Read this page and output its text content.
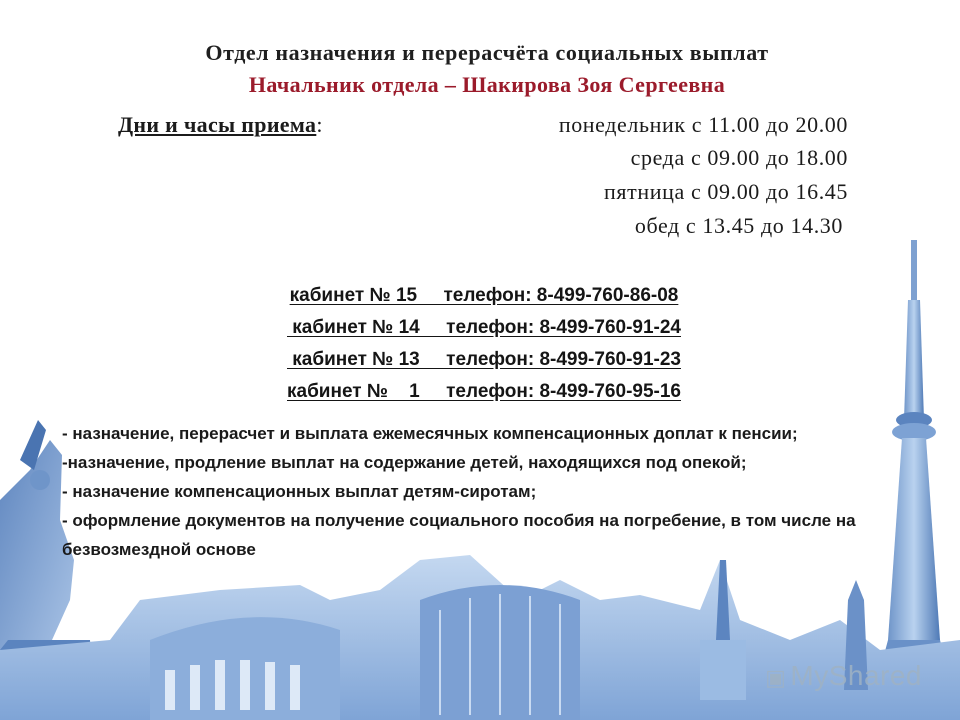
Отдел назначения и перерасчёта социальных выплат
Начальник отдела – Шакирова Зоя Сергеевна
Дни и часы приема:	понедельник с 11.00 до 20.00
среда с 09.00 до 18.00
пятница с 09.00 до 16.45
обед с 13.45 до 14.30
кабинет № 15     телефон: 8-499-760-86-08
кабинет № 14     телефон: 8-499-760-91-24
кабинет № 13     телефон: 8-499-760-91-23
кабинет №    1     телефон: 8-499-760-95-16
- назначение, перерасчет и выплата ежемесячных компенсационных доплат к пенсии;
-назначение, продление выплат на содержание детей, находящихся под опекой;
- назначение компенсационных выплат детям-сиротам;
- оформление документов на получение социального пособия на погребение, в том числе на безвозмездной основе
▣ MyShared
